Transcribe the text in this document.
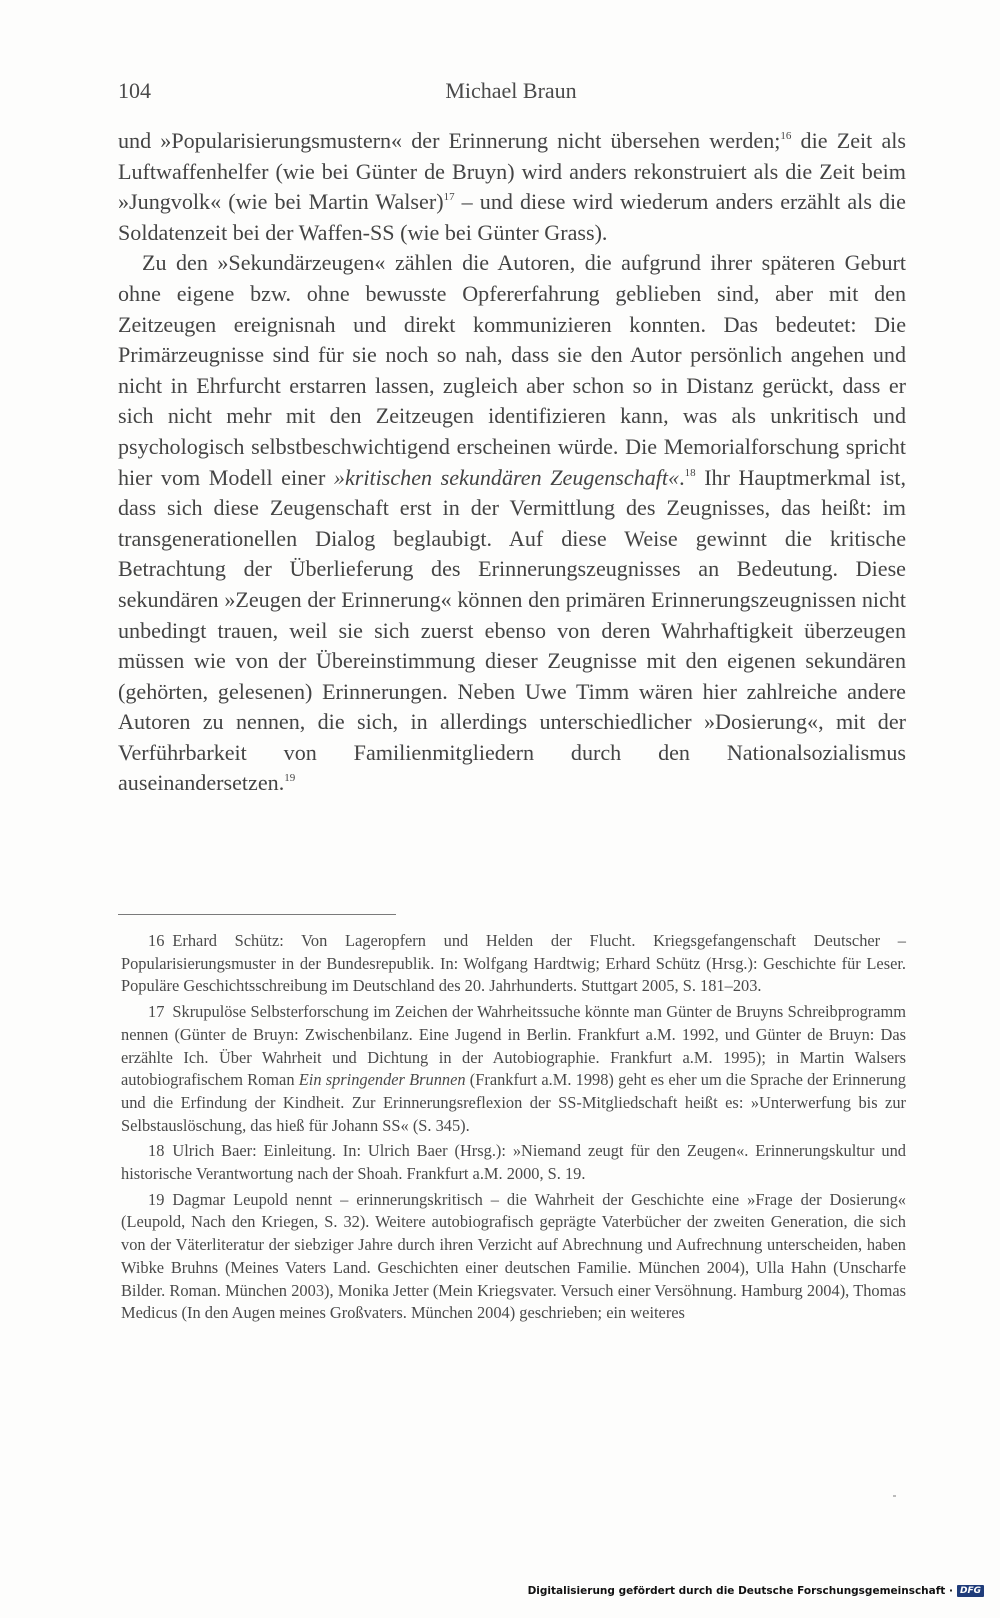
104	Michael Braun

und »Popularisierungsmustern« der Erinnerung nicht übersehen werden;$^{16}$ die Zeit als Luftwaffenhelfer (wie bei Günter de Bruyn) wird anders rekonstruiert als die Zeit beim »Jungvolk« (wie bei Martin Walser)$^{17}$ – und diese wird wiederum anders erzählt als die Soldatenzeit bei der Waffen-SS (wie bei Günter Grass).

Zu den »Sekundärzeugen« zählen die Autoren, die aufgrund ihrer späteren Geburt ohne eigene bzw. ohne bewusste Opfererfahrung geblieben sind, aber mit den Zeitzeugen ereignisnah und direkt kommunizieren konnten. Das bedeutet: Die Primärzeugnisse sind für sie noch so nah, dass sie den Autor persönlich angehen und nicht in Ehrfurcht erstarren lassen, zugleich aber schon so in Distanz gerückt, dass er sich nicht mehr mit den Zeitzeugen identifizieren kann, was als unkritisch und psychologisch selbstbeschwichtigend erscheinen würde. Die Memorialforschung spricht hier vom Modell einer »kritischen sekundären Zeugenschaft«.$^{18}$ Ihr Hauptmerkmal ist, dass sich diese Zeugenschaft erst in der Vermittlung des Zeugnisses, das heißt: im transgenerationellen Dialog beglaubigt. Auf diese Weise gewinnt die kritische Betrachtung der Überlieferung des Erinnerungszeugnisses an Bedeutung. Diese sekundären »Zeugen der Erinnerung« können den primären Erinnerungszeugnissen nicht unbedingt trauen, weil sie sich zuerst ebenso von deren Wahrhaftigkeit überzeugen müssen wie von der Übereinstimmung dieser Zeugnisse mit den eigenen sekundären (gehörten, gelesenen) Erinnerungen. Neben Uwe Timm wären hier zahlreiche andere Autoren zu nennen, die sich, in allerdings unterschiedlicher »Dosierung«, mit der Verführbarkeit von Familienmitgliedern durch den Nationalsozialismus auseinandersetzen.$^{19}$

16 Erhard Schütz: Von Lageropfern und Helden der Flucht. Kriegsgefangenschaft Deutscher – Popularisierungsmuster in der Bundesrepublik. In: Wolfgang Hardtwig; Erhard Schütz (Hrsg.): Geschichte für Leser. Populäre Geschichtsschreibung im Deutschland des 20. Jahrhunderts. Stuttgart 2005, S. 181–203.

17 Skrupulöse Selbsterforschung im Zeichen der Wahrheitssuche könnte man Günter de Bruyns Schreibprogramm nennen (Günter de Bruyn: Zwischenbilanz. Eine Jugend in Berlin. Frankfurt a.M. 1992, und Günter de Bruyn: Das erzählte Ich. Über Wahrheit und Dichtung in der Autobiographie. Frankfurt a.M. 1995); in Martin Walsers autobiografischem Roman Ein springender Brunnen (Frankfurt a.M. 1998) geht es eher um die Sprache der Erinnerung und die Erfindung der Kindheit. Zur Erinnerungsreflexion der SS-Mitgliedschaft heißt es: »Unterwerfung bis zur Selbstauslöschung, das hieß für Johann SS« (S. 345).

18 Ulrich Baer: Einleitung. In: Ulrich Baer (Hrsg.): »Niemand zeugt für den Zeugen«. Erinnerungskultur und historische Verantwortung nach der Shoah. Frankfurt a.M. 2000, S. 19.

19 Dagmar Leupold nennt – erinnerungskritisch – die Wahrheit der Geschichte eine »Frage der Dosierung« (Leupold, Nach den Kriegen, S. 32). Weitere autobiografisch geprägte Vaterbücher der zweiten Generation, die sich von der Väterliteratur der siebziger Jahre durch ihren Verzicht auf Abrechnung und Aufrechnung unterscheiden, haben Wibke Bruhns (Meines Vaters Land. Geschichten einer deutschen Familie. München 2004), Ulla Hahn (Unscharfe Bilder. Roman. München 2003), Monika Jetter (Mein Kriegsvater. Versuch einer Versöhnung. Hamburg 2004), Thomas Medicus (In den Augen meines Großvaters. München 2004) geschrieben; ein weiteres

Digitalisierung gefördert durch die Deutsche Forschungsgemeinschaft · DFG
